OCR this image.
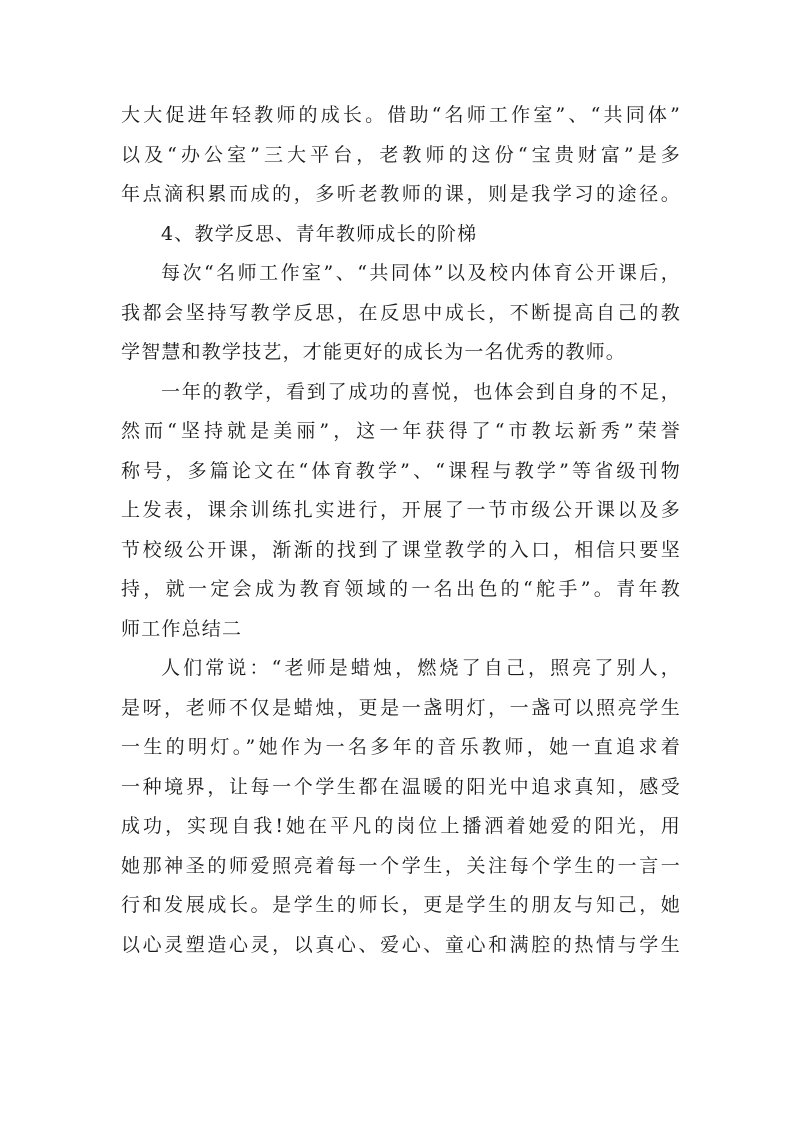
大大促进年轻教师的成长。借助“名师工作室”、“共同体”
以及“办公室”三大平台，老教师的这份“宝贵财富”是多
年点滴积累而成的，多听老教师的课，则是我学习的途径。
4、教学反思、青年教师成长的阶梯
每次“名师工作室”、“共同体”以及校内体育公开课后，
我都会坚持写教学反思，在反思中成长，不断提高自己的教
学智慧和教学技艺，才能更好的成长为一名优秀的教师。
一年的教学，看到了成功的喜悦，也体会到自身的不足，
然而“坚持就是美丽”，这一年获得了“市教坛新秀”荣誉
称号，多篇论文在“体育教学”、“课程与教学”等省级刊物
上发表，课余训练扎实进行，开展了一节市级公开课以及多
节校级公开课，渐渐的找到了课堂教学的入口，相信只要坚
持，就一定会成为教育领域的一名出色的“舵手”。青年教
师工作总结二
人们常说：“老师是蜡烛，燃烧了自己，照亮了别人，
是呀，老师不仅是蜡烛，更是一盏明灯，一盏可以照亮学生
一生的明灯。”她作为一名多年的音乐教师，她一直追求着
一种境界，让每一个学生都在温暖的阳光中追求真知，感受
成功，实现自我!她在平凡的岗位上播洒着她爱的阳光，用
她那神圣的师爱照亮着每一个学生，关注每个学生的一言一
行和发展成长。是学生的师长，更是学生的朋友与知己，她
以心灵塑造心灵，以真心、爱心、童心和满腔的热情与学生
